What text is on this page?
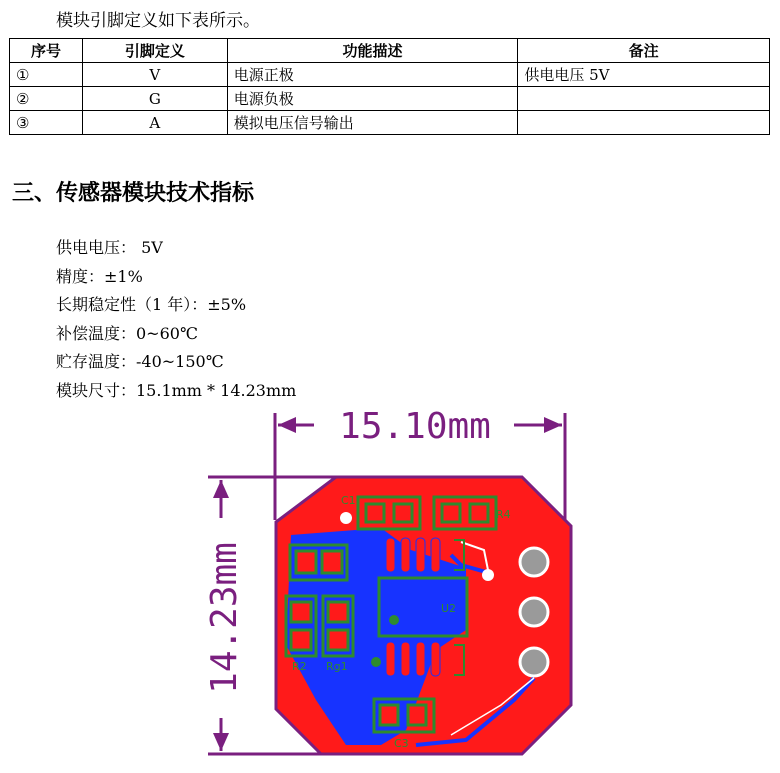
模块引脚定义如下表所示。
序号	引脚定义	功能描述	备注
①	V	电源正极	供电电压 5V
②	G	电源负极	
③	A	模拟电压信号输出	
三、传感器模块技术指标
供电电压： 5V
精度：±1%
长期稳定性（1 年）：±5%
补偿温度：0~60℃
贮存温度：-40~150℃
模块尺寸：15.1mm * 14.23mm
C1
R4
U2
R2 Rg1
C3
15.10mm
14.23mm
